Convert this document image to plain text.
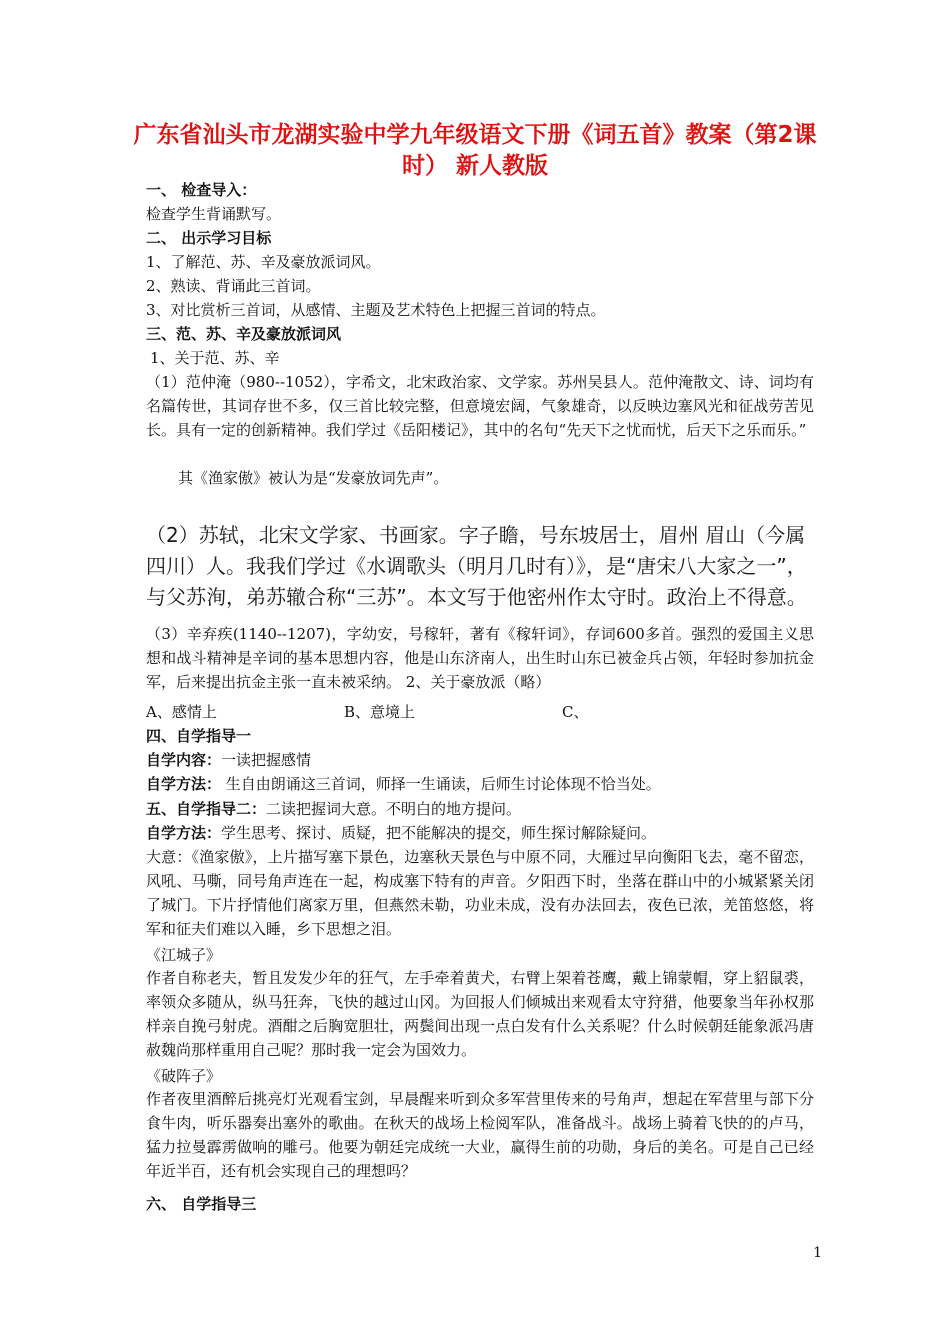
广东省汕头市龙湖实验中学九年级语文下册《词五首》教案（第2课时） 新人教版
一、 检查导入：
检查学生背诵默写。
二、 出示学习目标
1、了解范、苏、辛及豪放派词风。
2、熟读、背诵此三首词。
3、对比赏析三首词，从感情、主题及艺术特色上把握三首词的特点。
三、范、苏、辛及豪放派词风
1、关于范、苏、辛
（1）范仲淹（980--1052），字希文，北宋政治家、文学家。苏州吴县人。范仲淹散文、诗、词均有名篇传世，其词存世不多，仅三首比较完整，但意境宏阔，气象雄奇，以反映边塞风光和征战劳苦见长。具有一定的创新精神。我们学过《岳阳楼记》，其中的名句“先天下之忧而忧，后天下之乐而乐。”
其《渔家傲》被认为是“发豪放词先声”。
（2）苏轼，北宋文学家、书画家。字子瞻，号东坡居士，眉州 眉山（今属四川）人。我我们学过《水调歌头（明月几时有）》，是“唐宋八大家之一”，与父苏洵，弟苏辙合称“三苏”。本文写于他密州作太守时。政治上不得意。
（3）辛弃疾(1140--1207)，字幼安，号稼轩，著有《稼轩词》，存词600多首。强烈的爱国主义思想和战斗精神是辛词的基本思想内容，他是山东济南人，出生时山东已被金兵占领，年轻时参加抗金军，后来提出抗金主张一直未被采纳。 2、关于豪放派（略）
A、感情上	B、意境上	C、
四、自学指导一
自学内容：一读把握感情
自学方法： 生自由朗诵这三首词，师择一生诵读，后师生讨论体现不恰当处。
五、自学指导二：二读把握词大意。不明白的地方提问。
自学方法：学生思考、探讨、质疑，把不能解决的提交，师生探讨解除疑问。
大意：《渔家傲》，上片描写塞下景色，边塞秋天景色与中原不同，大雁过早向衡阳飞去，毫不留恋，风吼、马嘶，同号角声连在一起，构成塞下特有的声音。夕阳西下时，坐落在群山中的小城紧紧关闭了城门。下片抒情他们离家万里，但燕然未勒，功业未成，没有办法回去，夜色已浓，羌笛悠悠，将军和征夫们难以入睡，乡下思想之泪。
《江城子》
作者自称老夫，暂且发发少年的狂气，左手牵着黄犬，右臂上架着苍鹰，戴上锦蒙帽，穿上貂鼠裘，率领众多随从，纵马狂奔，飞快的越过山冈。为回报人们倾城出来观看太守狩猎，他要象当年孙权那样亲自挽弓射虎。酒酣之后胸宽胆壮，两鬓间出现一点白发有什么关系呢？什么时候朝廷能象派冯唐赦魏尚那样重用自己呢？那时我一定会为国效力。
《破阵子》
作者夜里酒醉后挑亮灯光观看宝剑，早晨醒来听到众多军营里传来的号角声，想起在军营里与部下分食牛肉，听乐器奏出塞外的歌曲。在秋天的战场上检阅军队，准备战斗。战场上骑着飞快的的卢马，猛力拉曼霹雳做响的雕弓。他要为朝廷完成统一大业，赢得生前的功勋，身后的美名。可是自己已经年近半百，还有机会实现自己的理想吗？
六、 自学指导三
1
